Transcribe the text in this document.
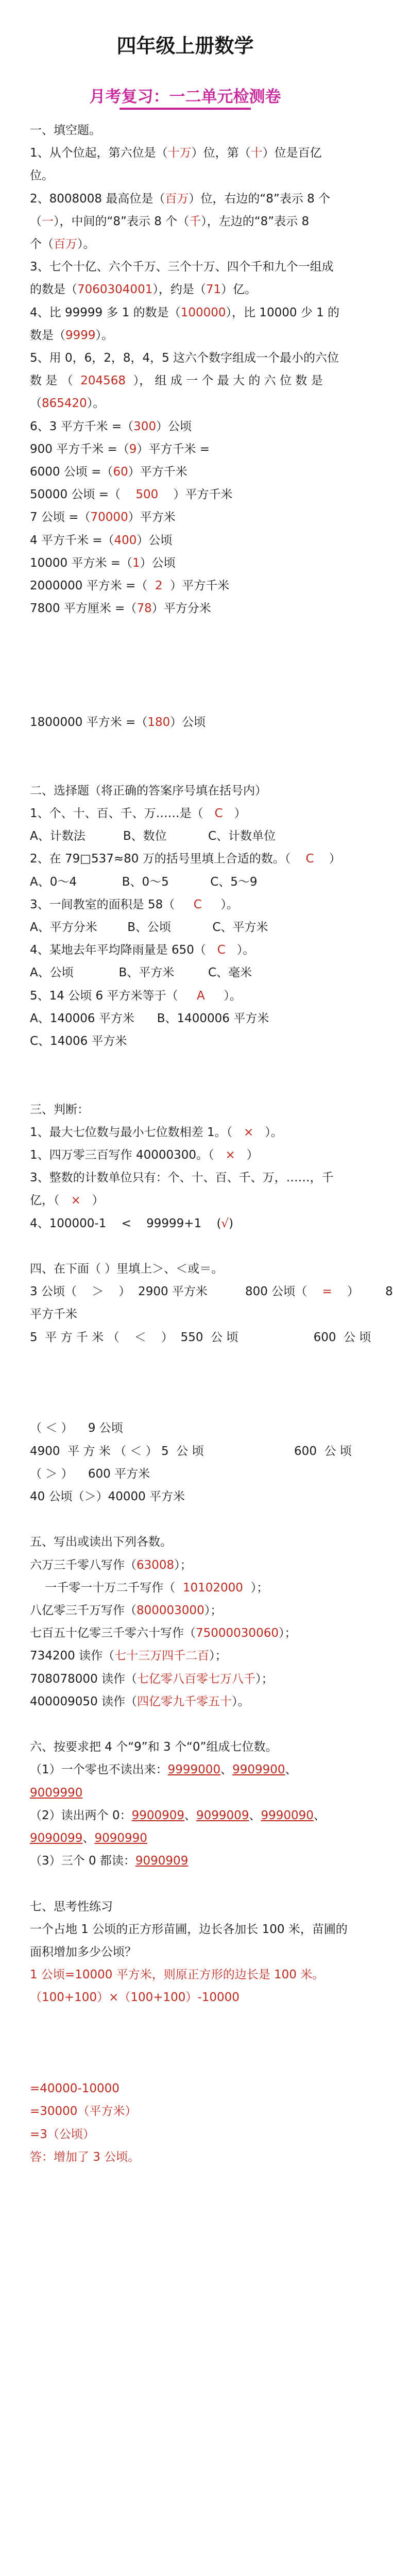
四年级上册数学
月考复习：一二单元检测卷
一、填空题。
1、从个位起，第六位是（十万）位，第（十）位是百亿
位。
2、8008008 最高位是（百万）位，右边的“8”表示 8 个
（一），中间的“8”表示 8 个（千），左边的“8”表示 8
个（百万）。
3、七个十亿、六个千万、三个十万、四个千和九个一组成
的数是（7060304001），约是（71）亿。
4、比 99999 多 1 的数是（100000），比 10000 少 1 的
数是（9999）。
5、用 0，6，2，8，4，5 这六个数字组成一个最小的六位
数 是 （  204568  ）， 组 成 一 个 最 大 的 六 位 数 是
（865420）。
6、3 平方千米 =（300）公顷
900 平方千米 =（9）平方千米 =
6000 公顷 =（60）平方千米
50000 公顷 =（    500    ）平方千米
7 公顷 =（70000）平方米
4 平方千米 =（400）公顷
10000 平方米 =（1）公顷
2000000 平方米 =（  2  ）平方千米
7800 平方厘米 =（78）平方分米
1800000 平方米 =（180）公顷
二、选择题（将正确的答案序号填在括号内）
1、个、十、百、千、万……是（   C   ）
A、计数法          B、数位           C、计数单位
2、在 79□537≈80 万的括号里填上合适的数。（    C    ）
A、0～4            B、0～5           C、5～9
3、一间教室的面积是 58（     C     ）。
A、平方分米        B、公顷           C、平方米
4、某地去年平均降雨量是 650（   C   ）。
A、公顷            B、平方米         C、毫米
5、14 公顷 6 平方米等于（     A     ）。
A、140006 平方米      B、1400006 平方米
C、14006 平方米
三、判断：
1、最大七位数与最小七位数相差 1。（   ×   ）。
1、四万零三百写作 40000300。（   ×   ）
3、整数的计数单位只有：个、十、百、千、万，……，千
亿，（   ×   ）
4、100000-1    <    99999+1    (√)
四、在下面（ ）里填上＞、＜或＝。
3 公顷（    ＞    ）  2900 平方米          800 公顷（    =    ）       8
平方千米
5  平 方 千 米 （    ＜    ）  550  公 顷                    600  公 顷
（ ＜ ）    9 公顷
4900  平 方 米 （ ＜ ） 5  公 顷                        600  公 顷
（ ＞ ）    600 平方米
40 公顷（＞）40000 平方米
五、写出或读出下列各数。
六万三千零八写作（63008）；
一千零一十万二千写作（  10102000  ）；
八亿零三千万写作（800003000）；
七百五十亿零三千零六十写作（75000030060）；
734200 读作（七十三万四千二百）；
708078000 读作（七亿零八百零七万八千）；
400009050 读作（四亿零九千零五十）。
六、按要求把 4 个“9”和 3 个“0”组成七位数。
（1）一个零也不读出来：9999000、9909900、
9009990
（2）读出两个 0：9900909、9099009、9990090、
9090099、9090990
（3）三个 0 都读：9090909
七、思考性练习
一个占地 1 公顷的正方形苗圃，边长各加长 100 米，苗圃的
面积增加多少公顷？
1 公顷=10000 平方米，则原正方形的边长是 100 米。
（100+100）×（100+100）-10000
=40000-10000
=30000（平方米）
=3（公顷）
答：增加了 3 公顷。
